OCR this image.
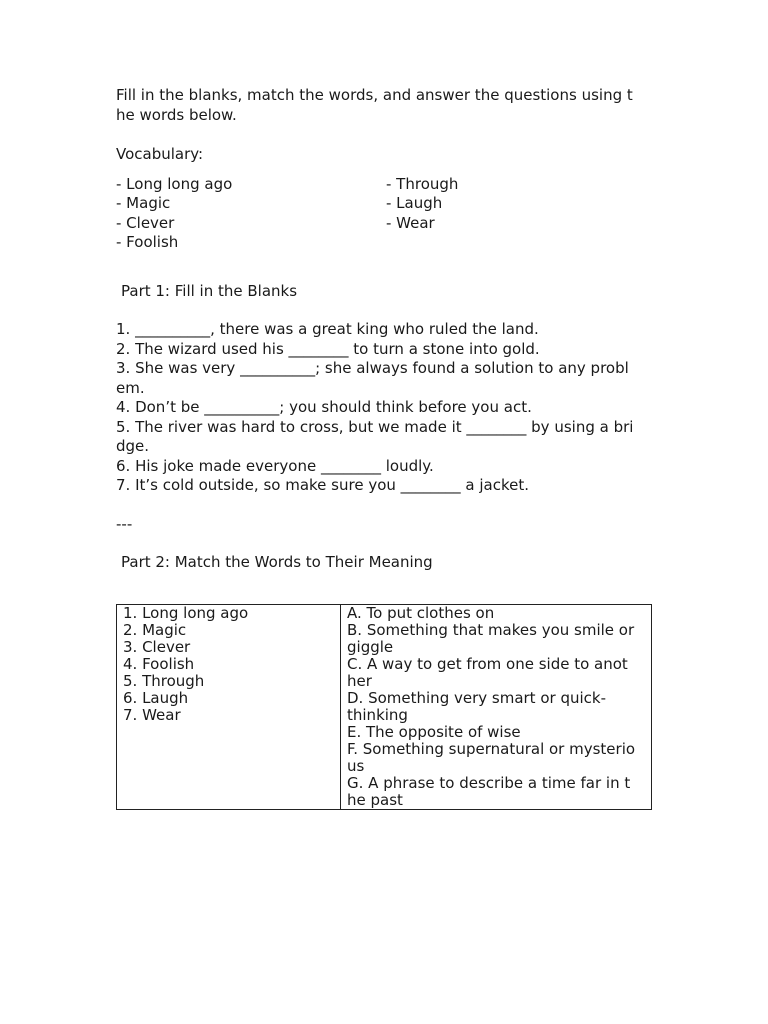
Fill in the blanks, match the words, and answer the questions using t
he words below.
Vocabulary:
- Long long ago
- Magic
- Clever
- Foolish
- Through
- Laugh
- Wear
Part 1: Fill in the Blanks
1. __________, there was a great king who ruled the land.
2. The wizard used his ________ to turn a stone into gold.
3. She was very __________; she always found a solution to any probl
em.
4. Don’t be __________; you should think before you act.
5. The river was hard to cross, but we made it ________ by using a bri
dge.
6. His joke made everyone ________ loudly.
7. It’s cold outside, so make sure you ________ a jacket.
---
Part 2: Match the Words to Their Meaning
1. Long long ago
2. Magic
3. Clever
4. Foolish
5. Through
6. Laugh
7. Wear

A. To put clothes on
B. Something that makes you smile or
giggle
C. A way to get from one side to anot
her
D. Something very smart or quick-
thinking
E. The opposite of wise
F. Something supernatural or mysterio
us
G. A phrase to describe a time far in t
he past
